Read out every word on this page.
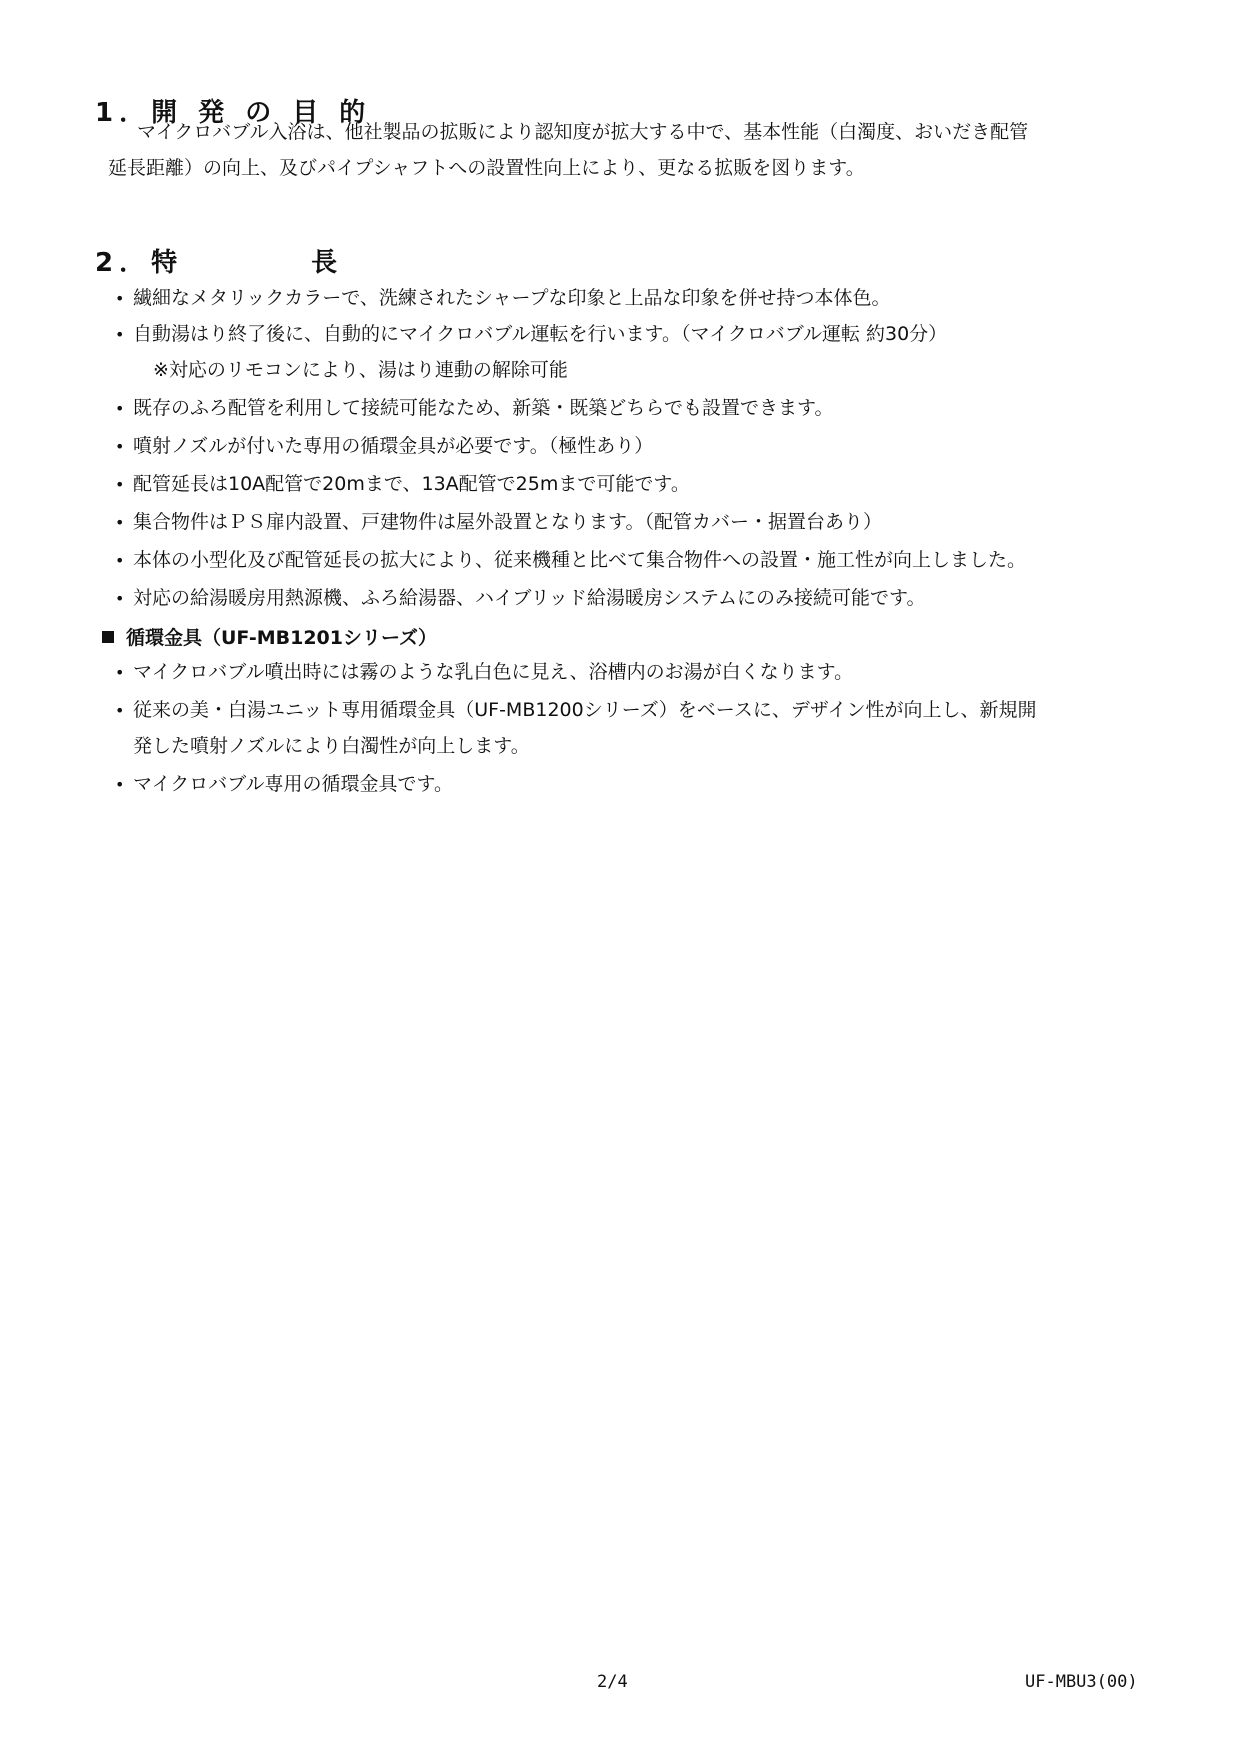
1．開 発 の 目 的
　マイクロバブル入浴は、他社製品の拡販により認知度が拡大する中で、基本性能（白濁度、おいだき配管
延長距離）の向上、及びパイプシャフトへの設置性向上により、更なる拡販を図ります。
2．特　　　　長
• 繊細なメタリックカラーで、洗練されたシャープな印象と上品な印象を併せ持つ本体色。
• 自動湯はり終了後に、自動的にマイクロバブル運転を行います。（マイクロバブル運転 約30分）
※対応のリモコンにより、湯はり連動の解除可能
• 既存のふろ配管を利用して接続可能なため、新築・既築どちらでも設置できます。
• 噴射ノズルが付いた専用の循環金具が必要です。（極性あり）
• 配管延長は10A配管で20mまで、13A配管で25mまで可能です。
• 集合物件はＰＳ扉内設置、戸建物件は屋外設置となります。（配管カバー・据置台あり）
• 本体の小型化及び配管延長の拡大により、従来機種と比べて集合物件への設置・施工性が向上しました。
• 対応の給湯暖房用熱源機、ふろ給湯器、ハイブリッド給湯暖房システムにのみ接続可能です。
循環金具（UF-MB1201シリーズ）
• マイクロバブル噴出時には霧のような乳白色に見え、浴槽内のお湯が白くなります。
• 従来の美・白湯ユニット専用循環金具（UF-MB1200シリーズ）をベースに、デザイン性が向上し、新規開
発した噴射ノズルにより白濁性が向上します。
• マイクロバブル専用の循環金具です。
2/4	UF-MBU3(00)
